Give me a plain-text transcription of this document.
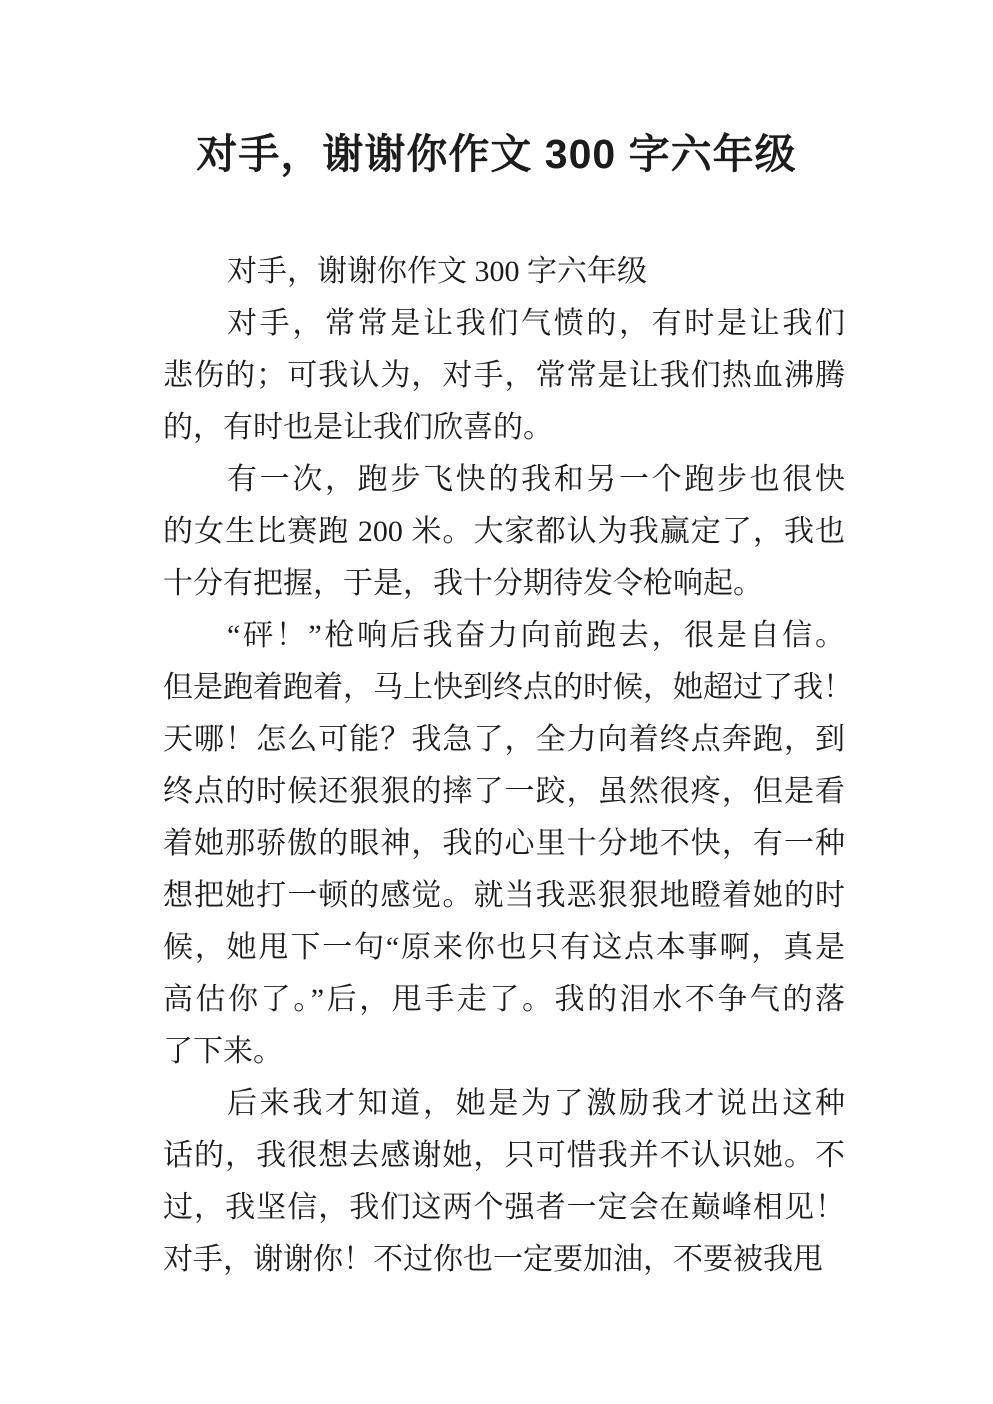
对手，谢谢你作文 300 字六年级
对手，谢谢你作文 300 字六年级
对手，常常是让我们气愤的，有时是让我们
悲伤的；可我认为，对手，常常是让我们热血沸腾
的，有时也是让我们欣喜的。
有一次，跑步飞快的我和另一个跑步也很快
的女生比赛跑 200 米。大家都认为我赢定了，我也
十分有把握，于是，我十分期待发令枪响起。
“砰！”枪响后我奋力向前跑去，很是自信。
但是跑着跑着，马上快到终点的时候，她超过了我！
天哪！怎么可能？我急了，全力向着终点奔跑，到
终点的时候还狠狠的摔了一跤，虽然很疼，但是看
着她那骄傲的眼神，我的心里十分地不快，有一种
想把她打一顿的感觉。就当我恶狠狠地瞪着她的时
候，她甩下一句“原来你也只有这点本事啊，真是
高估你了。”后，甩手走了。我的泪水不争气的落
了下来。
后来我才知道，她是为了激励我才说出这种
话的，我很想去感谢她，只可惜我并不认识她。不
过，我坚信，我们这两个强者一定会在巅峰相见！
对手，谢谢你！不过你也一定要加油，不要被我甩
